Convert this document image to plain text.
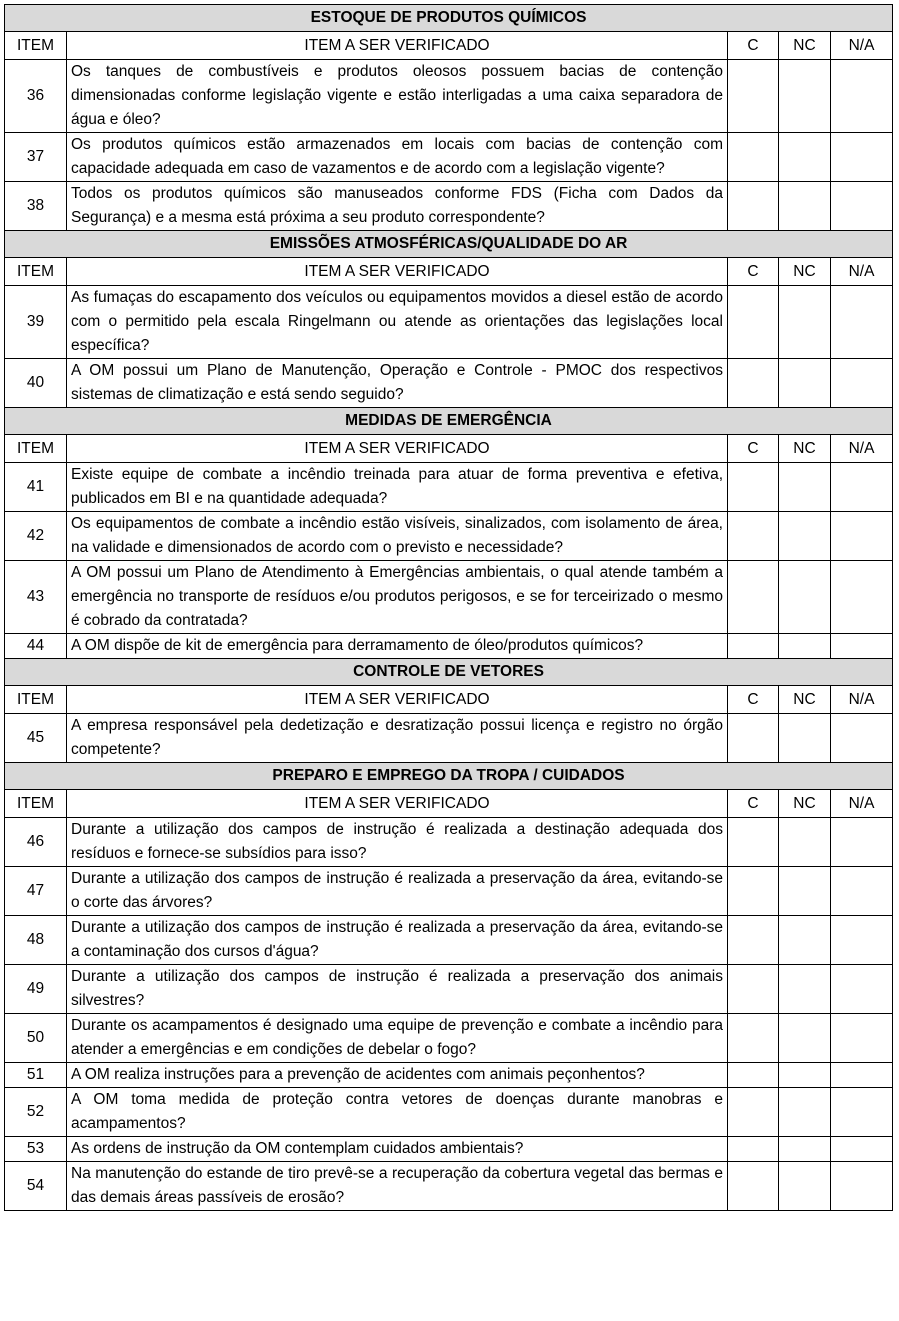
ESTOQUE DE PRODUTOS QUÍMICOS				
ITEM	ITEM A SER VERIFICADO	C	NC	N/A
36	Os tanques de combustíveis e produtos oleosos possuem bacias de contenção dimensionadas conforme legislação vigente e estão interligadas a uma caixa separadora de água e óleo?			
37	Os produtos químicos estão armazenados em locais com bacias de contenção com capacidade adequada em caso de vazamentos e de acordo com a legislação vigente?			
38	Todos os produtos químicos são manuseados conforme FDS (Ficha com Dados da Segurança) e a mesma está próxima a seu produto correspondente?			
EMISSÕES ATMOSFÉRICAS/QUALIDADE DO AR				
ITEM	ITEM A SER VERIFICADO	C	NC	N/A
39	As fumaças do escapamento dos veículos ou equipamentos movidos a diesel estão de acordo com o permitido pela escala Ringelmann ou atende as orientações das legislações local específica?			
40	A OM possui um Plano de Manutenção, Operação e Controle - PMOC dos respectivos sistemas de climatização e está sendo seguido?			
MEDIDAS DE EMERGÊNCIA				
ITEM	ITEM A SER VERIFICADO	C	NC	N/A
41	Existe equipe de combate a incêndio treinada para atuar de forma preventiva e efetiva, publicados em BI e na quantidade adequada?			
42	Os equipamentos de combate a incêndio estão visíveis, sinalizados, com isolamento de área, na validade e dimensionados de acordo com o previsto e necessidade?			
43	A OM possui um Plano de Atendimento à Emergências ambientais, o qual atende também a emergência no transporte de resíduos e/ou produtos perigosos, e se for terceirizado o mesmo é cobrado da contratada?			
44	A OM dispõe de kit de emergência para derramamento de óleo/produtos químicos?			
CONTROLE DE VETORES				
ITEM	ITEM A SER VERIFICADO	C	NC	N/A
45	A empresa responsável pela dedetização e desratização possui licença e registro no órgão competente?			
PREPARO E EMPREGO DA TROPA / CUIDADOS				
ITEM	ITEM A SER VERIFICADO	C	NC	N/A
46	Durante a utilização dos campos de instrução é realizada a destinação adequada dos resíduos e fornece-se subsídios para isso?			
47	Durante a utilização dos campos de instrução é realizada a preservação da área, evitando-se o corte das árvores?			
48	Durante a utilização dos campos de instrução é realizada a preservação da área, evitando-se a contaminação dos cursos d'água?			
49	Durante a utilização dos campos de instrução é realizada a preservação dos animais silvestres?			
50	Durante os acampamentos é designado uma equipe de prevenção e combate a incêndio para atender a emergências e em condições de debelar o fogo?			
51	A OM realiza instruções para a prevenção de acidentes com animais peçonhentos?			
52	A OM toma medida de proteção contra vetores de doenças durante manobras e acampamentos?			
53	As ordens de instrução da OM contemplam cuidados ambientais?			
54	Na manutenção do estande de tiro prevê-se a recuperação da cobertura vegetal das bermas e das demais áreas passíveis de erosão?			
